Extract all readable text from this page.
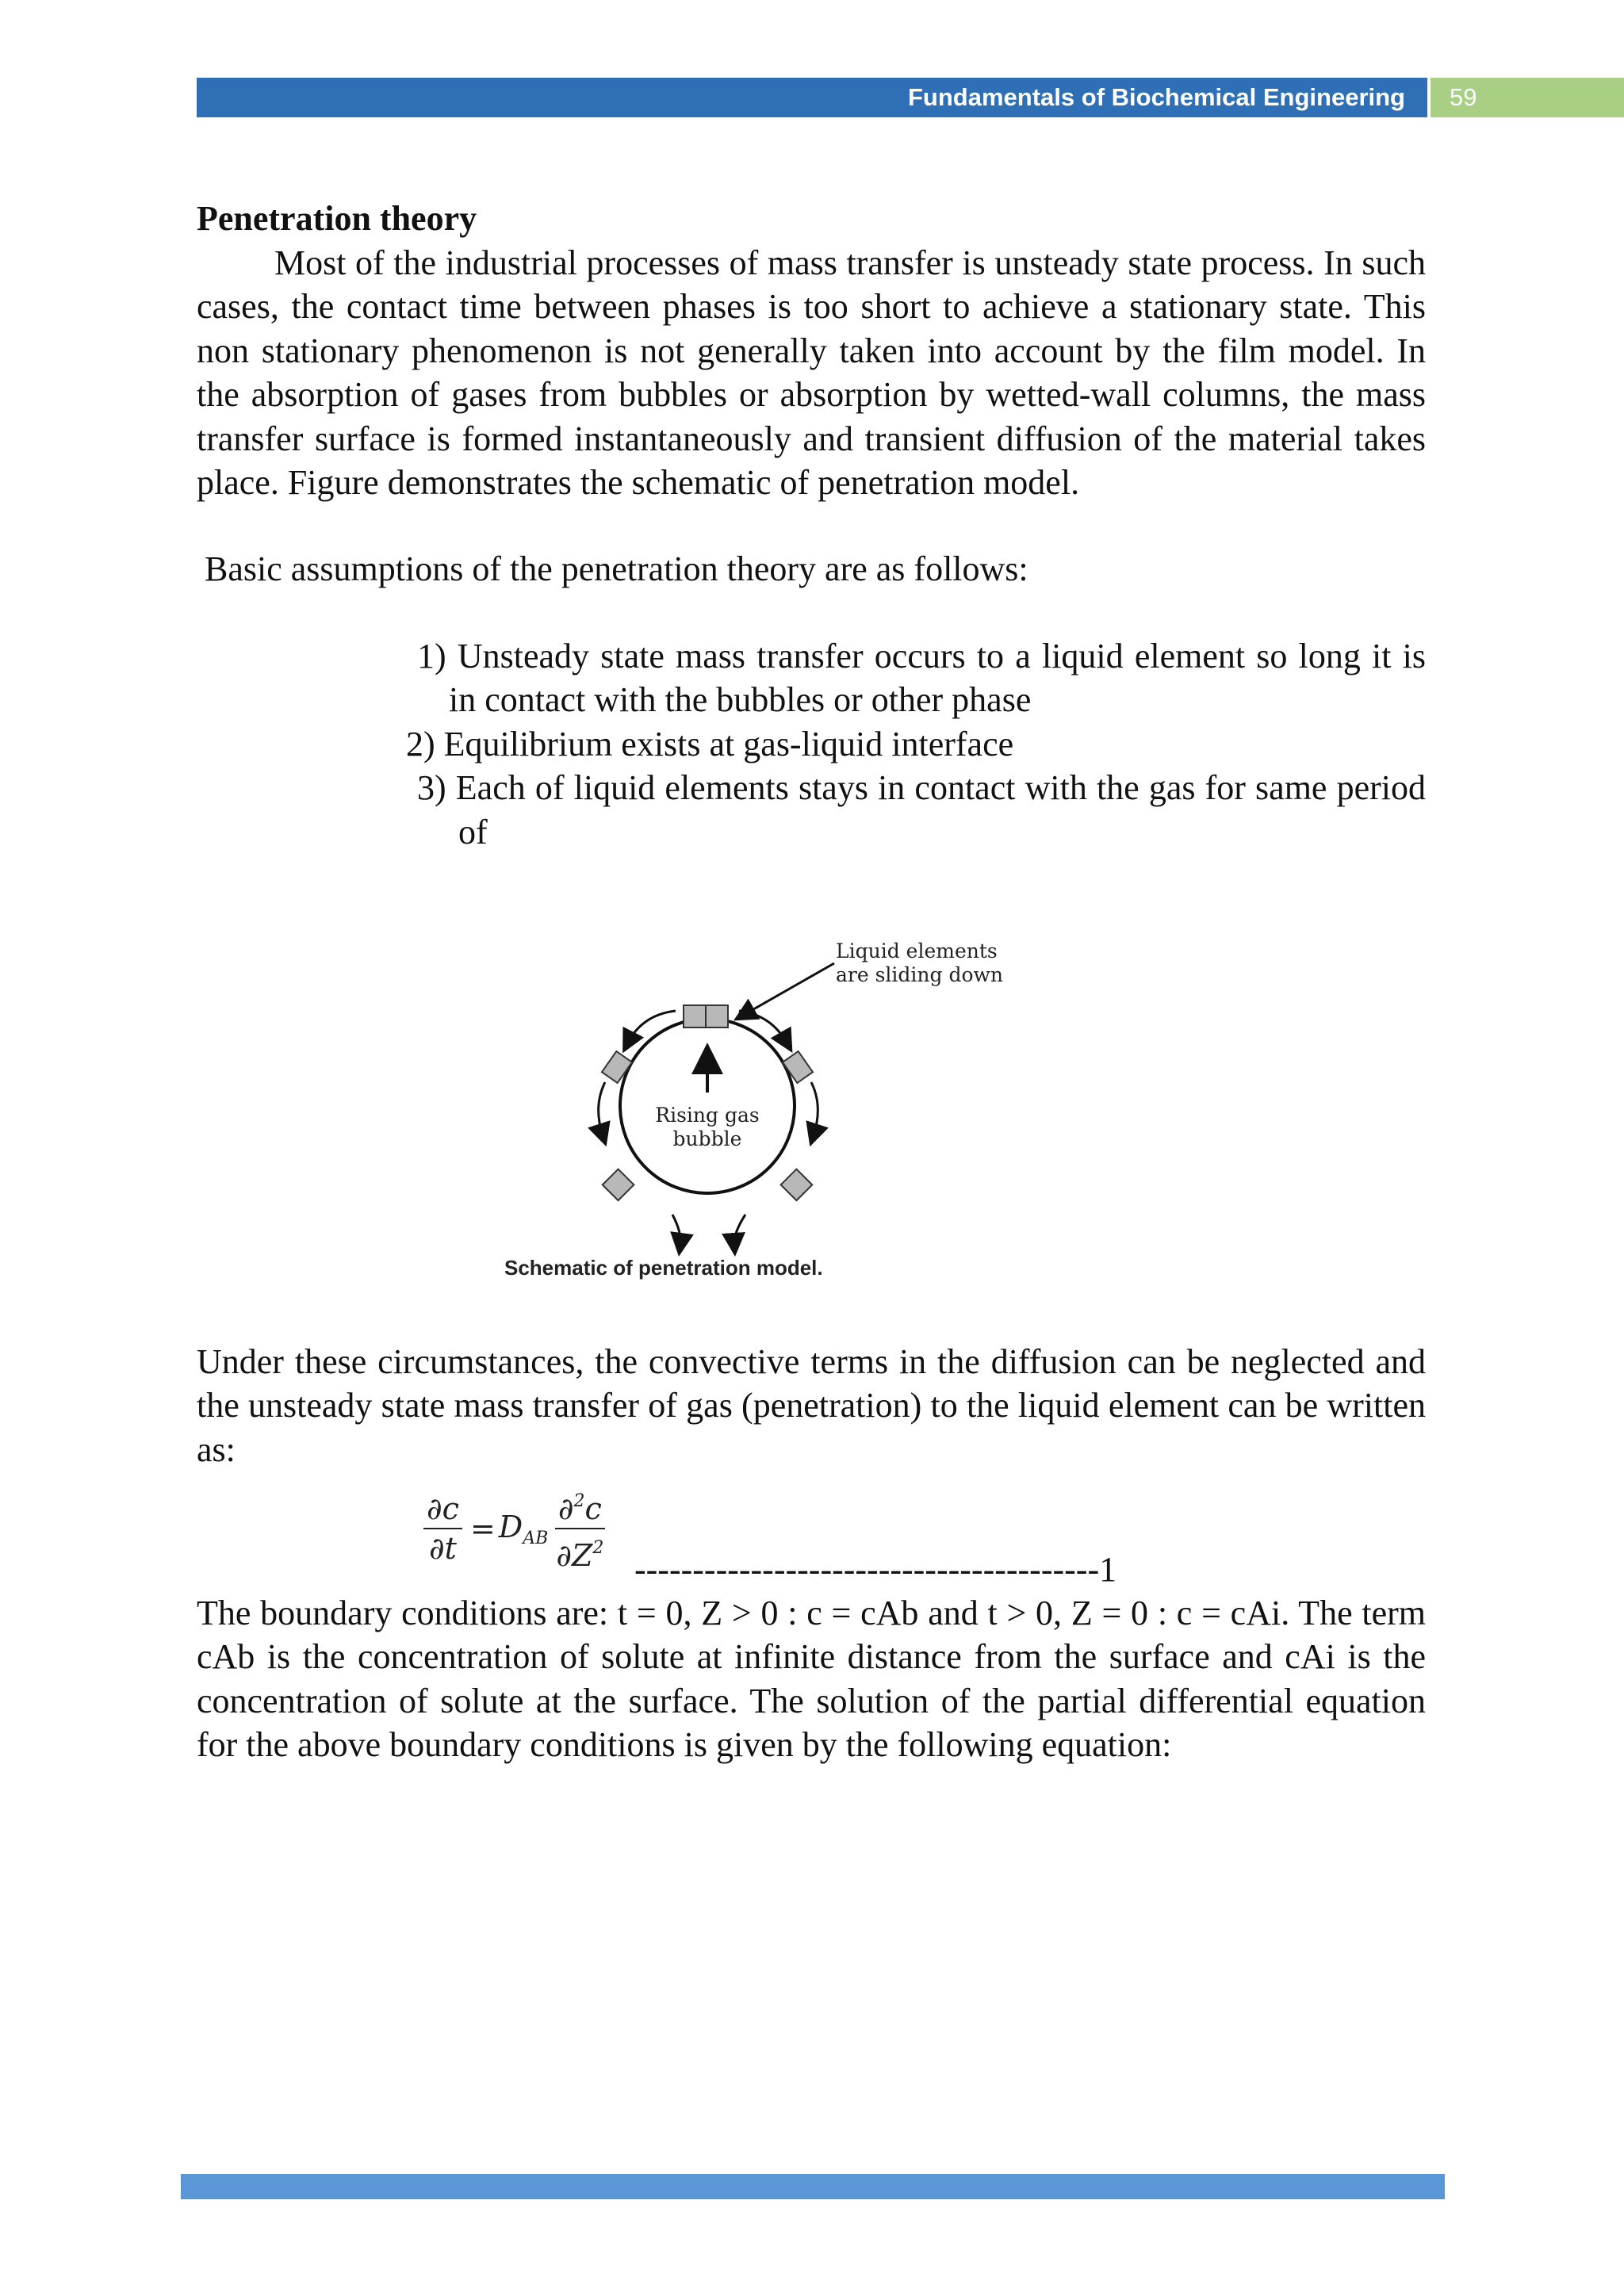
Fundamentals of Biochemical Engineering 59
Penetration theory

Most of the industrial processes of mass transfer is unsteady state process. In such cases, the contact time between phases is too short to achieve a stationary state. This non stationary phenomenon is not generally taken into account by the film model. In the absorption of gases from bubbles or absorption by wetted-wall columns, the mass transfer surface is formed instantaneously and transient diffusion of the material takes place. Figure demonstrates the schematic of penetration model.

Basic assumptions of the penetration theory are as follows:

1) Unsteady state mass transfer occurs to a liquid element so long it is in contact with the bubbles or other phase
2) Equilibrium exists at gas-liquid interface
3) Each of liquid elements stays in contact with the gas for same period of
Liquid elements
are sliding down
Rising gas
bubble

Schematic of penetration model.

Under these circumstances, the convective terms in the diffusion can be neglected and the unsteady state mass transfer of gas (penetration) to the liquid element can be written as:

$\frac{\partial c}{\partial t} = D_{AB} \frac{\partial^2c}{\partial Z^2} ----------------------------------------1$

The boundary conditions are: t = 0, Z > 0 : c = cAb and t > 0, Z = 0 : c = cAi. The term cAb is the concentration of solute at infinite distance from the surface and cAi is the concentration of solute at the surface. The solution of the partial differential equation for the above boundary conditions is given by the following equation:
